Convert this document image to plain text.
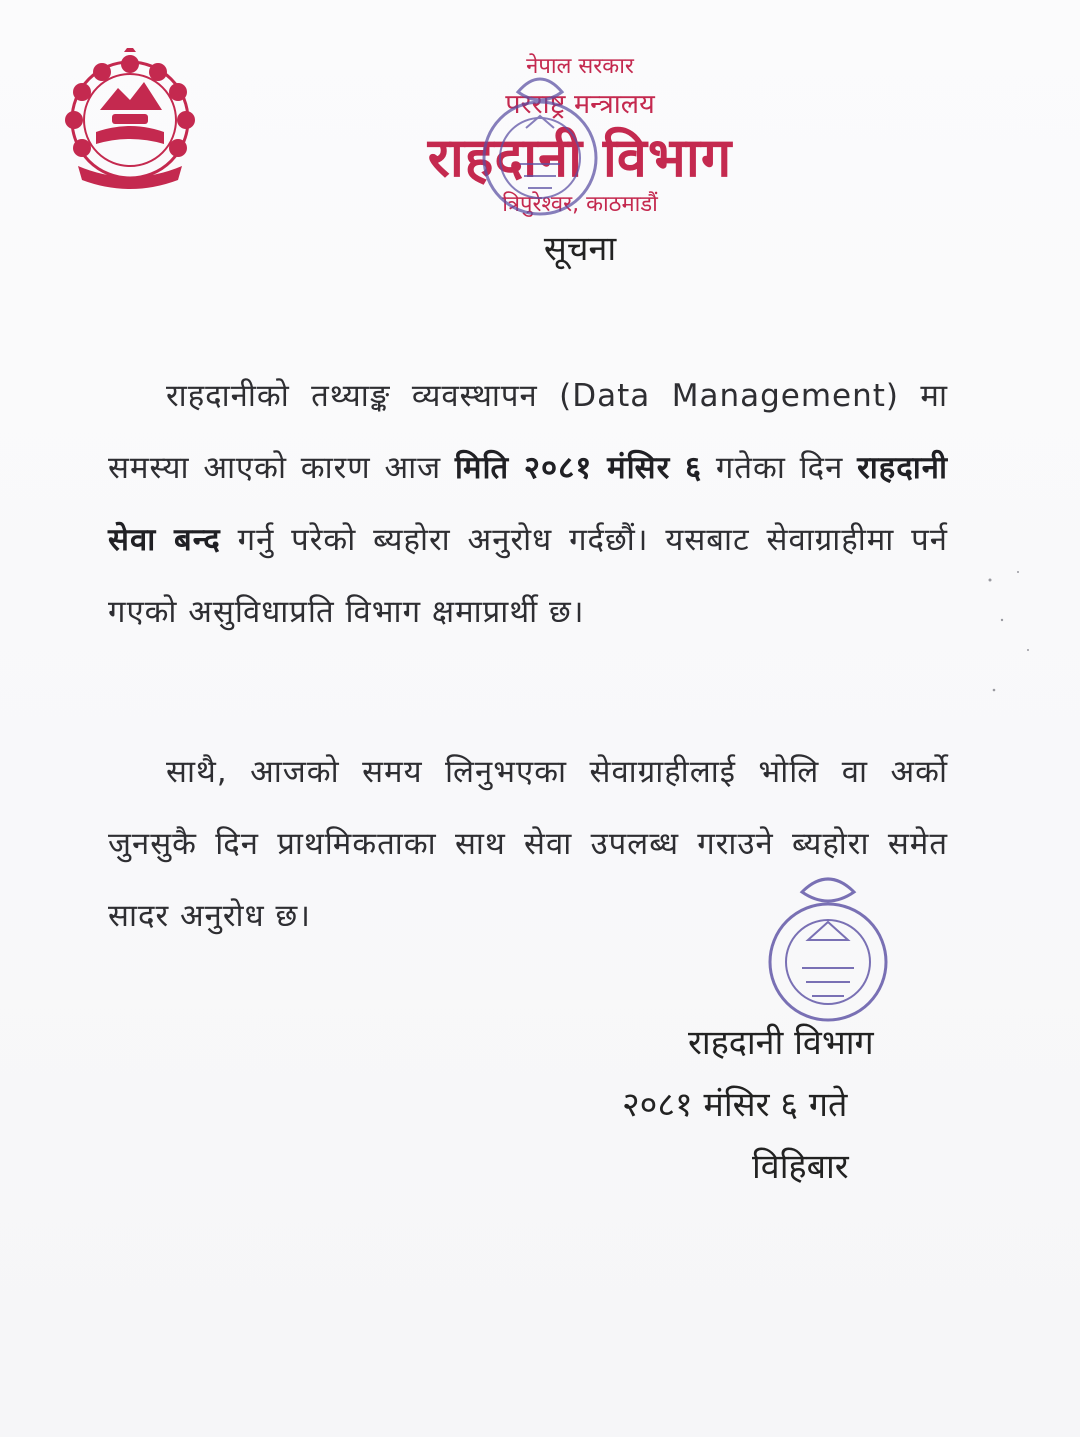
नेपाल सरकार
परराष्ट्र मन्त्रालय
राहदानी विभाग
त्रिपुरेश्वर, काठमाडौं
सूचना

राहदानीको तथ्याङ्क व्यवस्थापन (Data Management) मा समस्या आएको कारण आज मिति २०८१ मंसिर ६ गतेका दिन राहदानी सेवा बन्द गर्नु परेको ब्यहोरा अनुरोध गर्दछौं। यसबाट सेवाग्राहीमा पर्न गएको असुविधाप्रति विभाग क्षमाप्रार्थी छ।

साथै, आजको समय लिनुभएका सेवाग्राहीलाई भोलि वा अर्को जुनसुकै दिन प्राथमिकताका साथ सेवा उपलब्ध गराउने ब्यहोरा समेत सादर अनुरोध छ।

राहदानी विभाग
२०८१ मंसिर ६ गते
विहिबार
